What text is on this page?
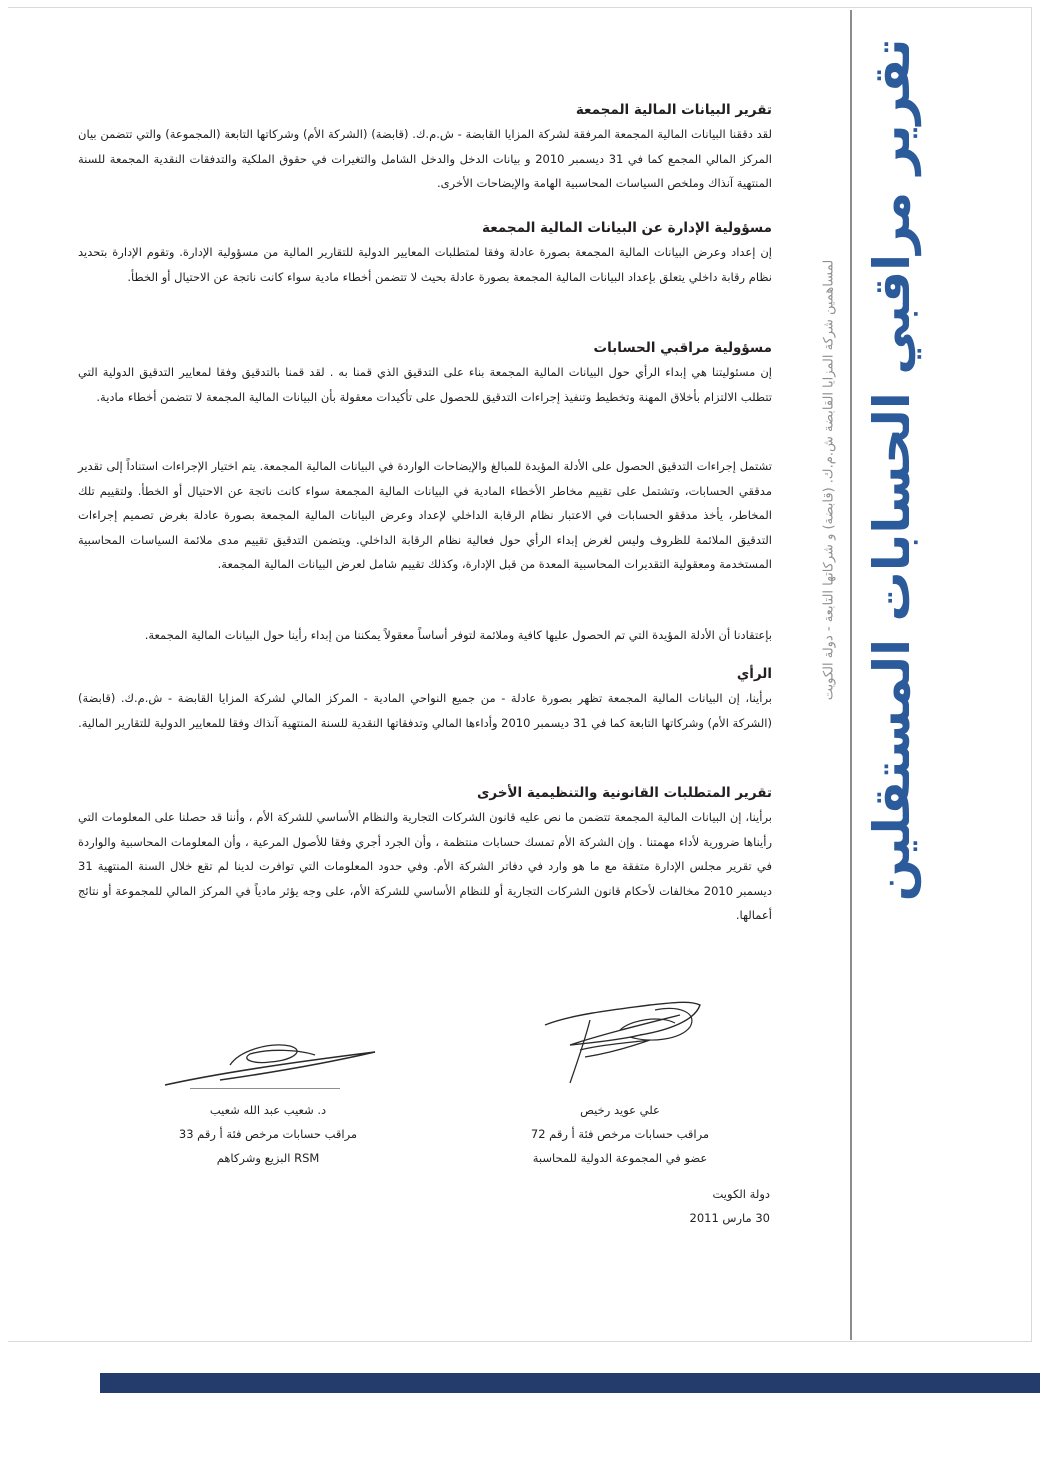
تقرير مراقبي الحسابات المستقلين
لمساهمين شركة المزايا القابضة ش.م.ك. (قابضة) و شركاتها التابعة - دولة الكويت
تقرير البيانات المالية المجمعة

لقد دققنا البيانات المالية المجمعة المرفقة لشركة المزايا القابضة - ش.م.ك. (قابضة) (الشركة الأم) وشركاتها التابعة (المجموعة) والتي تتضمن بيان المركز المالي المجمع كما في 31 ديسمبر 2010 و بيانات الدخل والدخل الشامل والتغيرات في حقوق الملكية والتدفقات النقدية المجمعة للسنة المنتهية آنذاك وملخص السياسات المحاسبية الهامة والإيضاحات الأخرى.

مسؤولية الإدارة عن البيانات المالية المجمعة

إن إعداد وعرض البيانات المالية المجمعة بصورة عادلة وفقا لمتطلبات المعايير الدولية للتقارير المالية من مسؤولية الإدارة. وتقوم الإدارة بتحديد نظام رقابة داخلي يتعلق بإعداد البيانات المالية المجمعة بصورة عادلة بحيث لا تتضمن أخطاء مادية سواء كانت ناتجة عن الاحتيال أو الخطأ.

مسؤولية مراقبي الحسابات

إن مسئوليتنا هي إبداء الرأي حول البيانات المالية المجمعة بناء على التدقيق الذي قمنا به . لقد قمنا بالتدقيق وفقا لمعايير التدقيق الدولية التي تتطلب الالتزام بأخلاق المهنة وتخطيط وتنفيذ إجراءات التدقيق للحصول على تأكيدات معقولة بأن البيانات المالية المجمعة لا تتضمن أخطاء مادية.

تشتمل إجراءات التدقيق الحصول على الأدلة المؤيدة للمبالغ والإيضاحات الواردة في البيانات المالية المجمعة. يتم اختيار الإجراءات استناداً إلى تقدير مدققي الحسابات، وتشتمل على تقييم مخاطر الأخطاء المادية في البيانات المالية المجمعة سواء كانت ناتجة عن الاحتيال أو الخطأ. ولتقييم تلك المخاطر، يأخذ مدققو الحسابات في الاعتبار نظام الرقابة الداخلي لإعداد وعرض البيانات المالية المجمعة بصورة عادلة بغرض تصميم إجراءات التدقيق الملائمة للظروف وليس لغرض إبداء الرأي حول فعالية نظام الرقابة الداخلي. ويتضمن التدقيق تقييم مدى ملائمة السياسات المحاسبية المستخدمة ومعقولية التقديرات المحاسبية المعدة من قبل الإدارة، وكذلك تقييم شامل لعرض البيانات المالية المجمعة.

بإعتقادنا أن الأدلة المؤيدة التي تم الحصول عليها كافية وملائمة لتوفر أساساً معقولاً يمكننا من إبداء رأينا حول البيانات المالية المجمعة.

الرأي

برأينا، إن البيانات المالية المجمعة تظهر بصورة عادلة - من جميع النواحي المادية - المركز المالي لشركة المزايا القابضة - ش.م.ك. (قابضة) (الشركة الأم) وشركاتها التابعة كما في 31 ديسمبر 2010 وأداءها المالي وتدفقاتها النقدية للسنة المنتهية آنذاك وفقا للمعايير الدولية للتقارير المالية.

تقرير المتطلبات القانونية والتنظيمية الأخرى

برأينا، إن البيانات المالية المجمعة تتضمن ما نص عليه قانون الشركات التجارية والنظام الأساسي للشركة الأم ، وأننا قد حصلنا على المعلومات التي رأيناها ضرورية لأداء مهمتنا . وإن الشركة الأم تمسك حسابات منتظمة ، وأن الجرد أجري وفقا للأصول المرعية ، وأن المعلومات المحاسبية والواردة في تقرير مجلس الإدارة متفقة مع ما هو وارد في دفاتر الشركة الأم. وفي حدود المعلومات التي توافرت لدينا لم تقع خلال السنة المنتهية 31 ديسمبر 2010 مخالفات لأحكام قانون الشركات التجارية أو للنظام الأساسي للشركة الأم، على وجه يؤثر مادياً في المركز المالي للمجموعة أو نتائج أعمالها.

علي عويد رخيص
مراقب حسابات مرخص فئة أ رقم 72
عضو في المجموعة الدولية للمحاسبة
د. شعيب عبد الله شعيب
مراقب حسابات مرخص فئة أ رقم 33
RSM البزيع وشركاهم
دولة الكويت
30 مارس 2011
